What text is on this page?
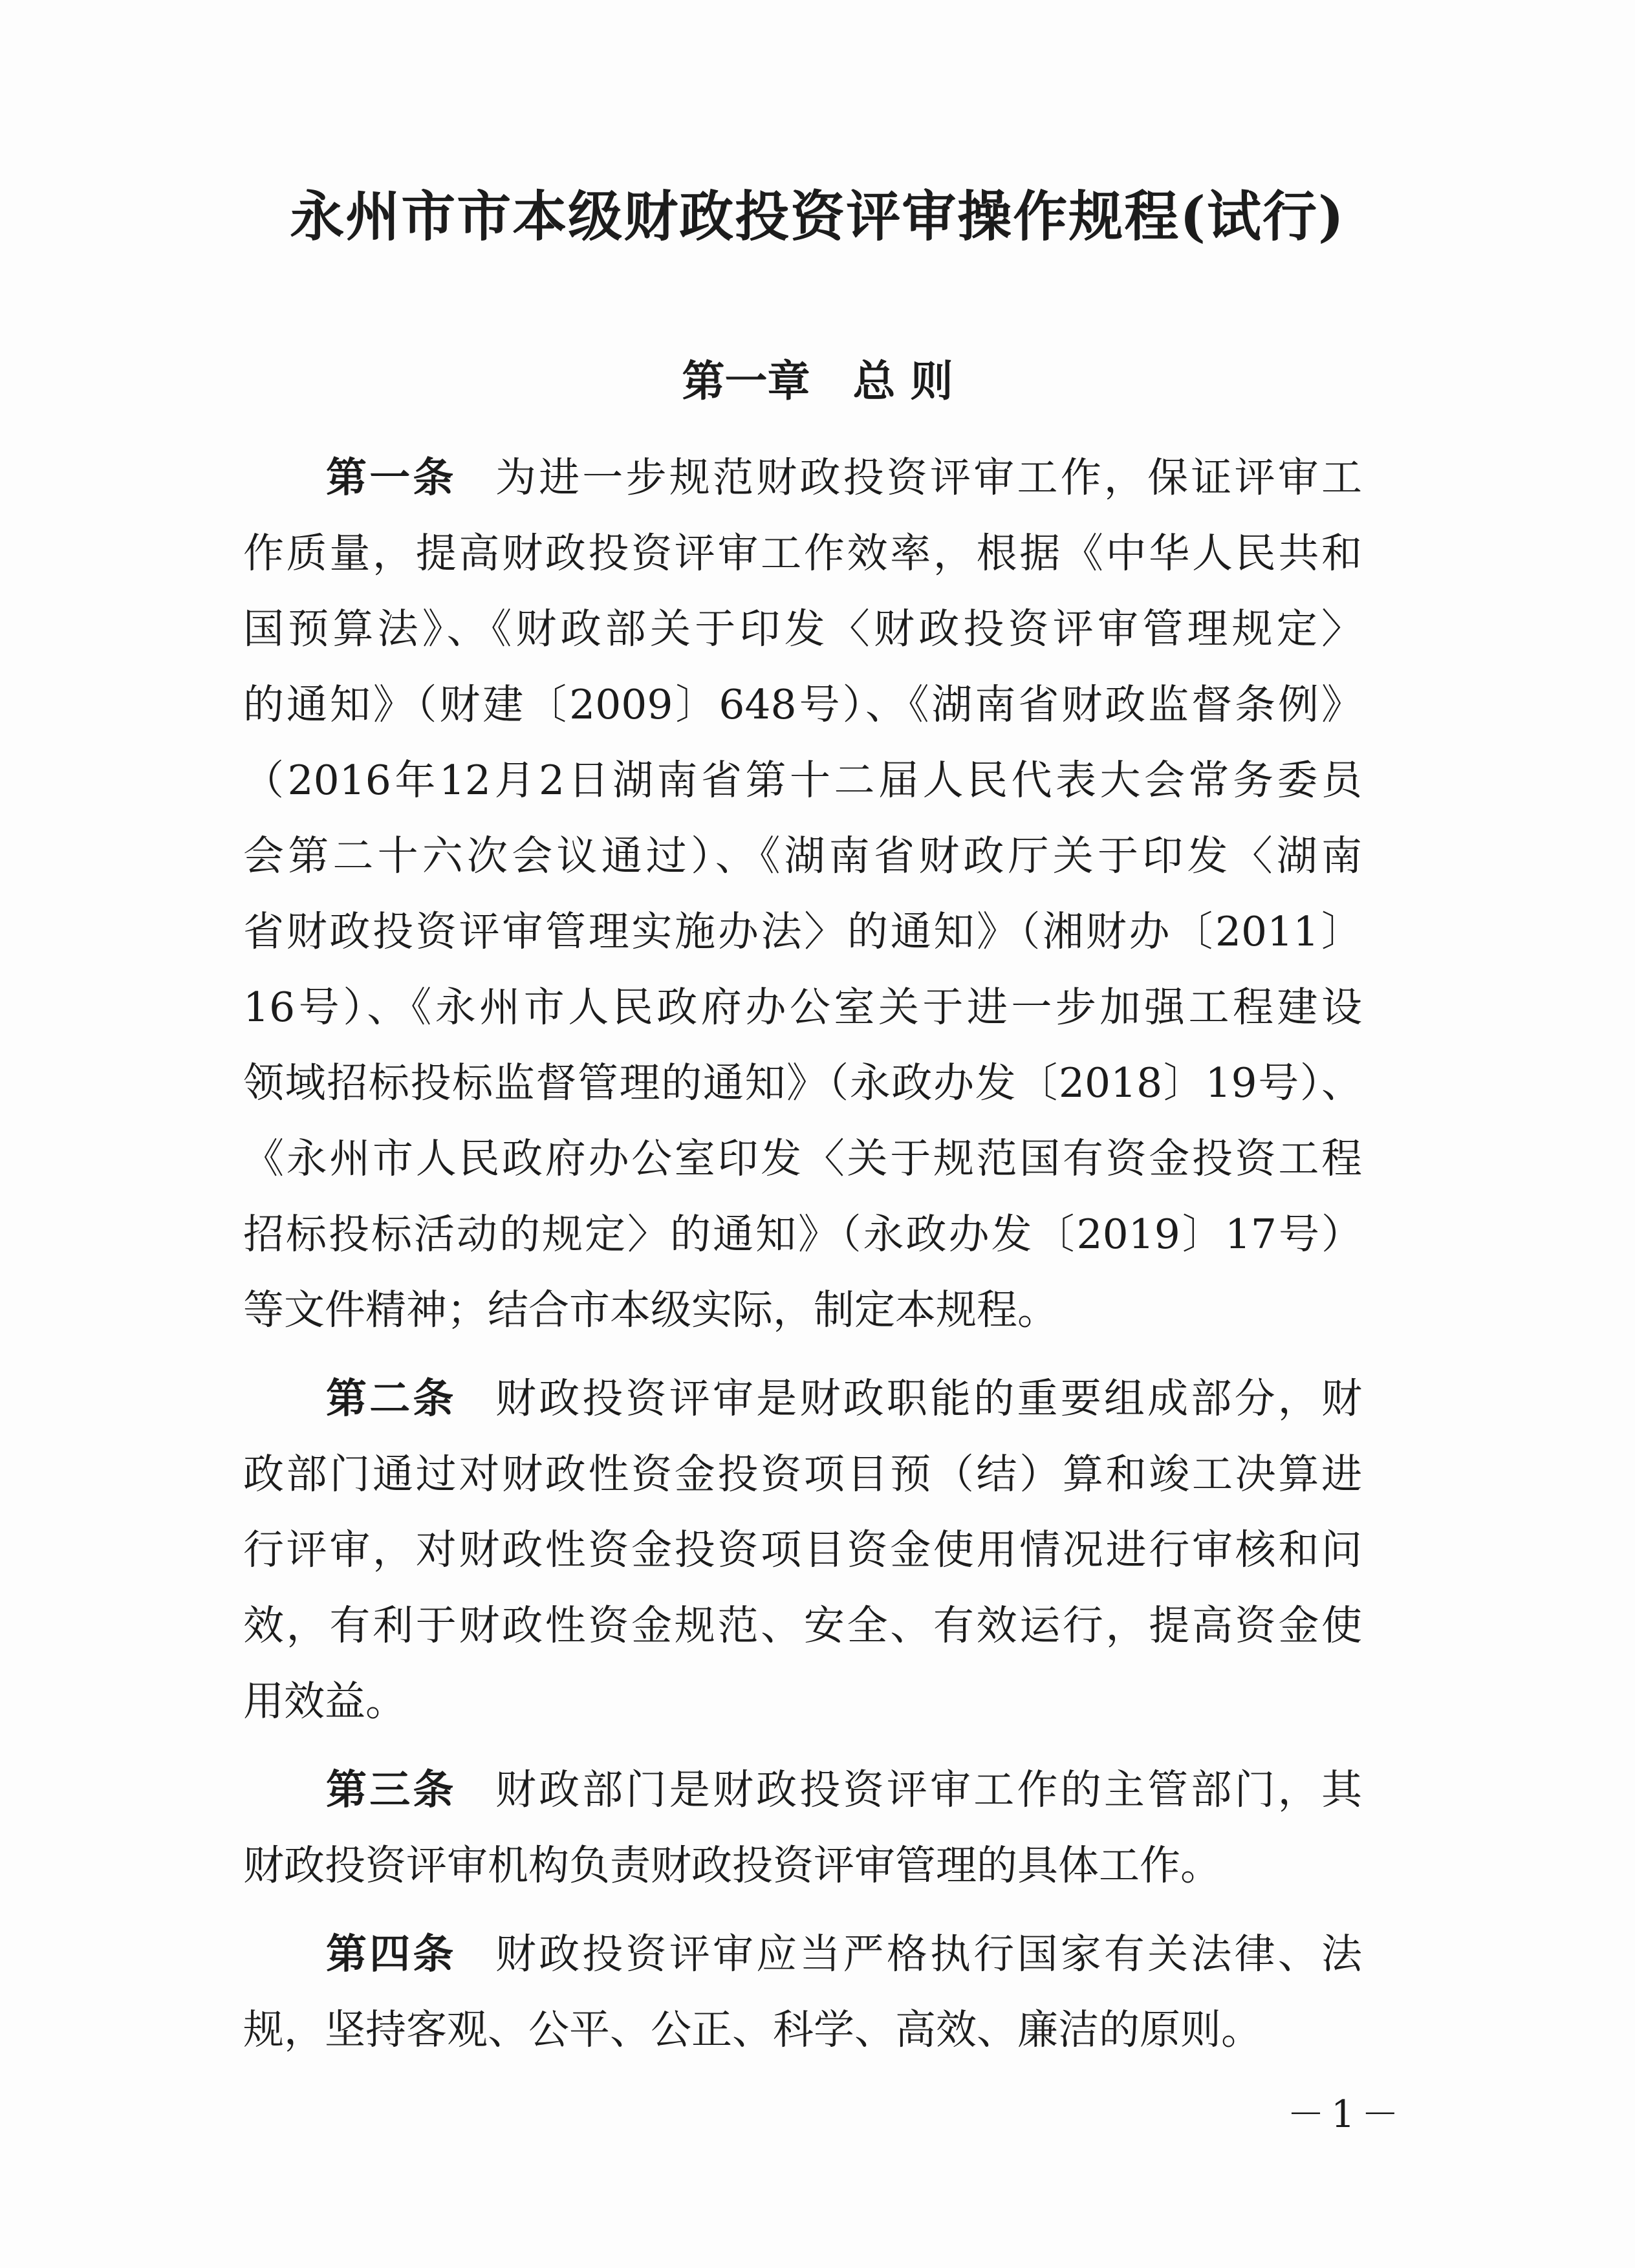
永州市市本级财政投资评审操作规程(试行)
第一章 总 则

第一条 为进一步规范财政投资评审工作，保证评审工
作质量，提高财政投资评审工作效率，根据《中华人民共和
国预算法》、《财政部关于印发〈财政投资评审管理规定〉
的通知》（财建〔2009〕648号）、《湖南省财政监督条例》
（2016年12月2日湖南省第十二届人民代表大会常务委员
会第二十六次会议通过）、《湖南省财政厅关于印发〈湖南
省财政投资评审管理实施办法〉的通知》（湘财办〔2011〕
16号）、《永州市人民政府办公室关于进一步加强工程建设
领域招标投标监督管理的通知》（永政办发〔2018〕19号）、
《永州市人民政府办公室印发〈关于规范国有资金投资工程
招标投标活动的规定〉的通知》（永政办发〔2019〕17号）
等文件精神；结合市本级实际，制定本规程。

第二条 财政投资评审是财政职能的重要组成部分，财
政部门通过对财政性资金投资项目预（结）算和竣工决算进
行评审，对财政性资金投资项目资金使用情况进行审核和问
效，有利于财政性资金规范、安全、有效运行，提高资金使
用效益。

第三条 财政部门是财政投资评审工作的主管部门，其
财政投资评审机构负责财政投资评审管理的具体工作。

第四条 财政投资评审应当严格执行国家有关法律、法
规，坚持客观、公平、公正、科学、高效、廉洁的原则。

－1－
